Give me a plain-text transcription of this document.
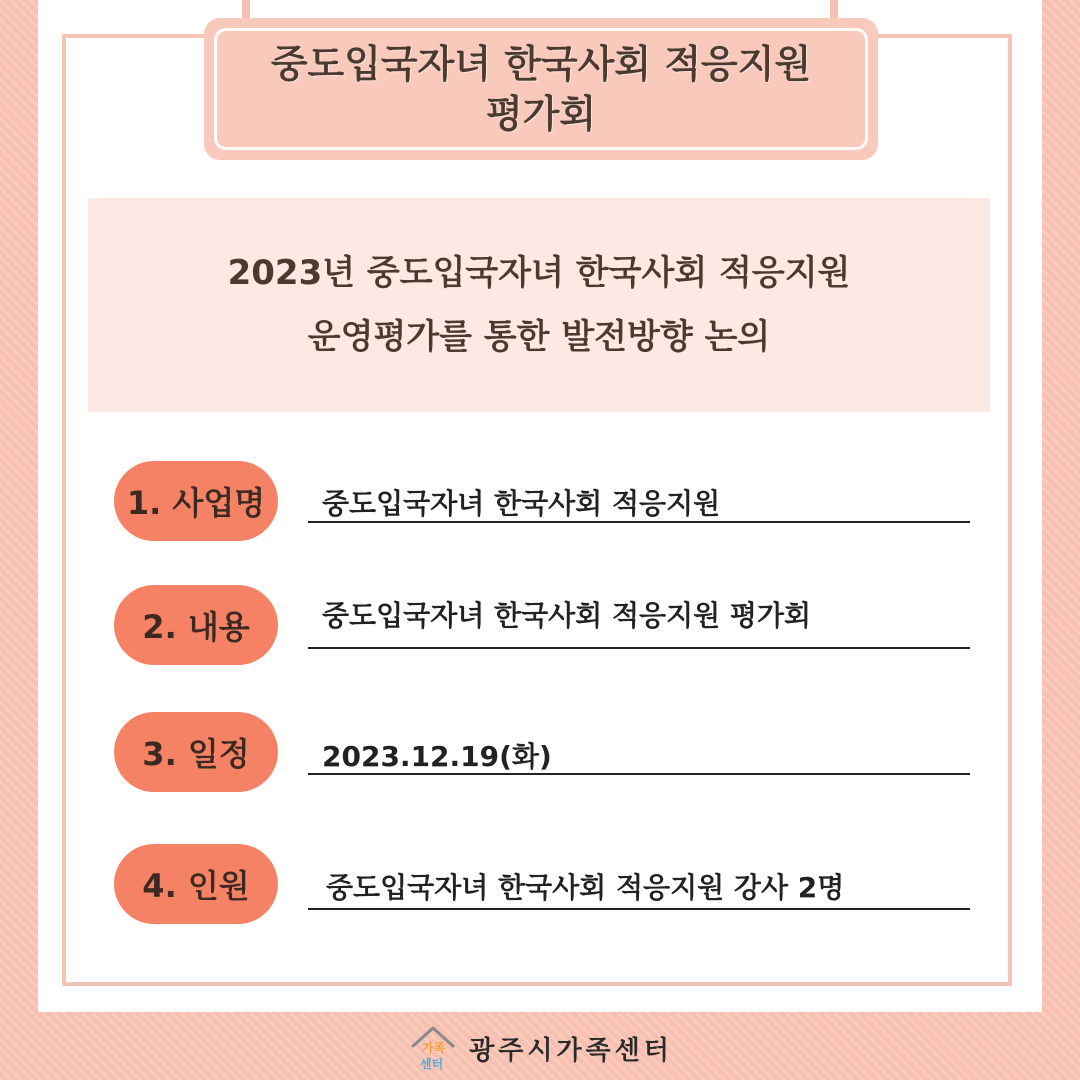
중도입국자녀 한국사회 적응지원
평가회
2023년 중도입국자녀 한국사회 적응지원
운영평가를 통한 발전방향 논의
1. 사업명 중도입국자녀 한국사회 적응지원
2. 내용	중도입국자녀 한국사회 적응지원 평가회
3. 일정	2023.12.19(화)
4. 인원	중도입국자녀 한국사회 적응지원 강사 2명
가족
센터 광주시가족센터
